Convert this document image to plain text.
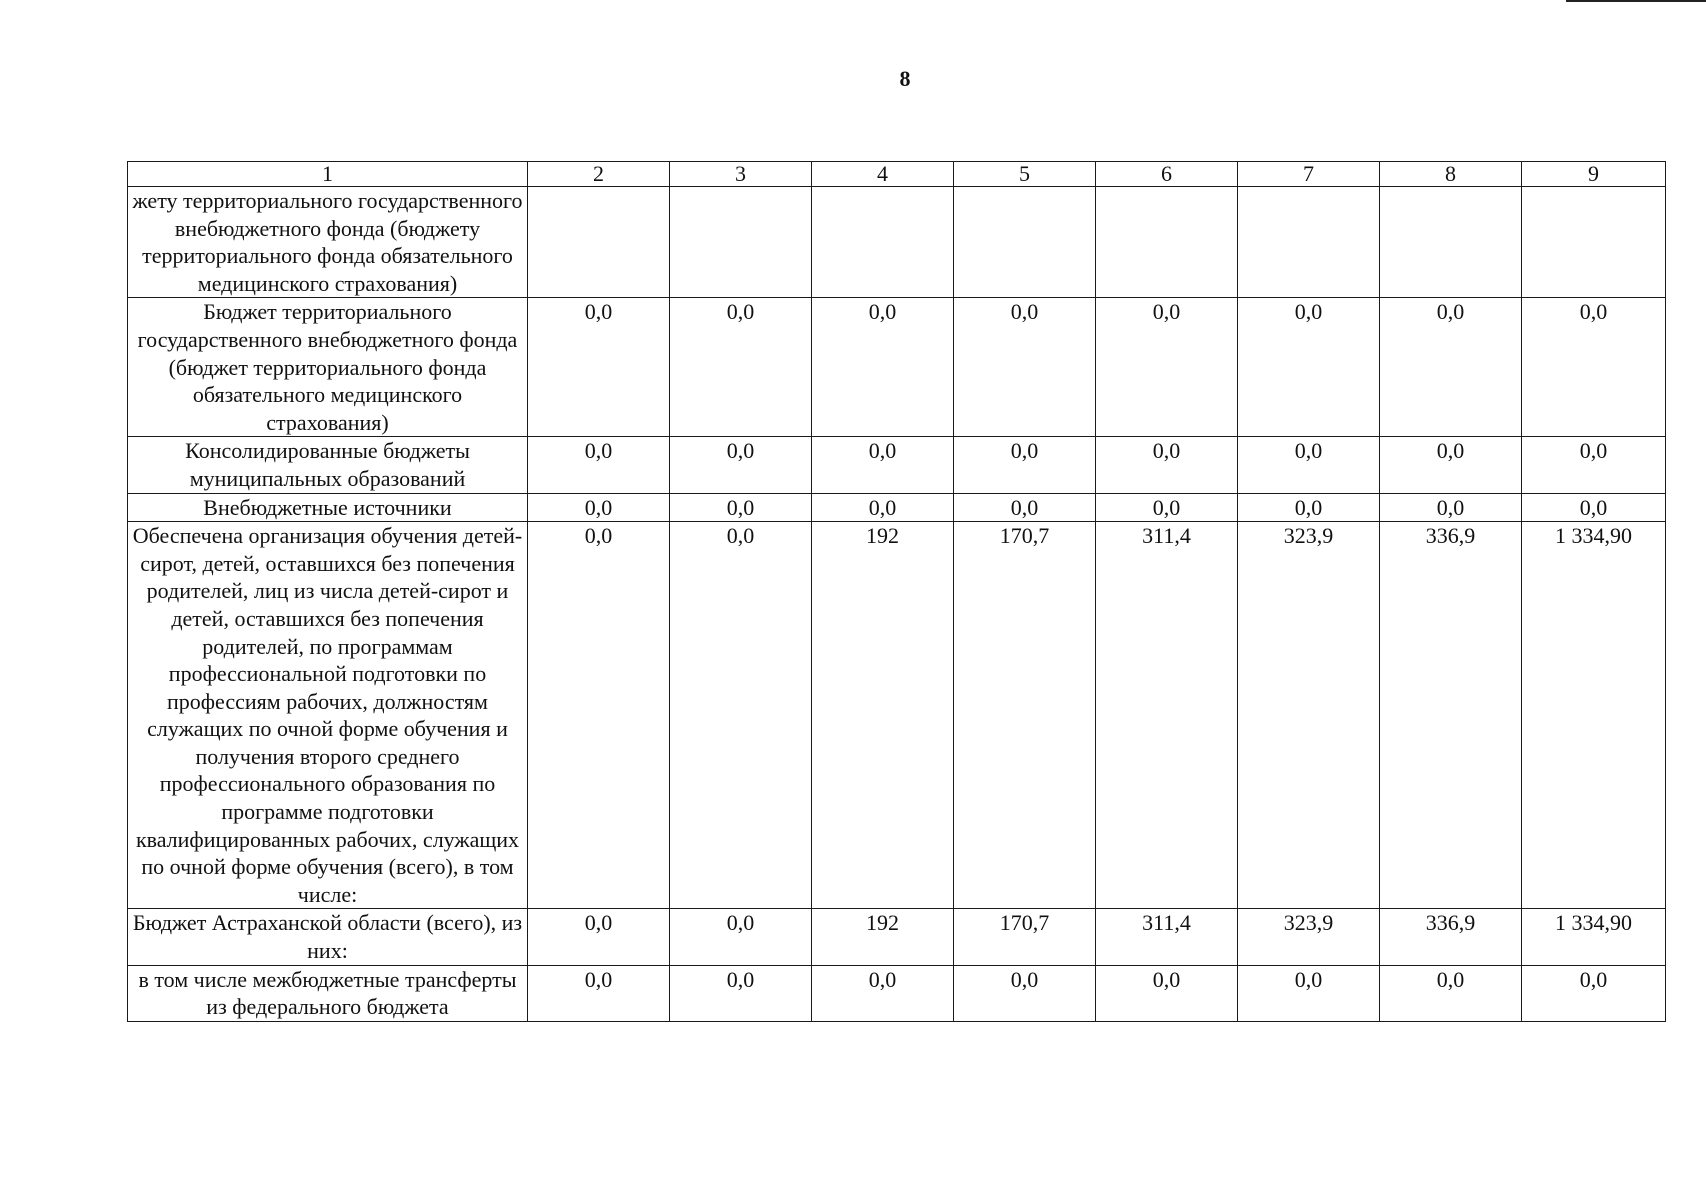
8
1	2	3	4	5	6	7	8	9
жету территориального государственного внебюджетного фонда (бюджету территориального фонда обязательного медицинского страхования)								
Бюджет территориального государственного внебюджетного фонда (бюджет территориального фонда обязательного медицинского страхования)	0,0	0,0	0,0	0,0	0,0	0,0	0,0	0,0
Консолидированные бюджеты муниципальных образований	0,0	0,0	0,0	0,0	0,0	0,0	0,0	0,0
Внебюджетные источники	0,0	0,0	0,0	0,0	0,0	0,0	0,0	0,0
Обеспечена организация обучения детей-сирот, детей, оставшихся без попечения родителей, лиц из числа детей-сирот и детей, оставшихся без попечения родителей, по программам профессиональной подготовки по профессиям рабочих, должностям служащих по очной форме обучения и получения второго среднего профессионального образования по программе подготовки квалифицированных рабочих, служащих по очной форме обучения (всего), в том числе:	0,0	0,0	192	170,7	311,4	323,9	336,9	1 334,90
Бюджет Астраханской области (всего), из них:	0,0	0,0	192	170,7	311,4	323,9	336,9	1 334,90
в том числе межбюджетные трансферты из федерального бюджета	0,0	0,0	0,0	0,0	0,0	0,0	0,0	0,0
